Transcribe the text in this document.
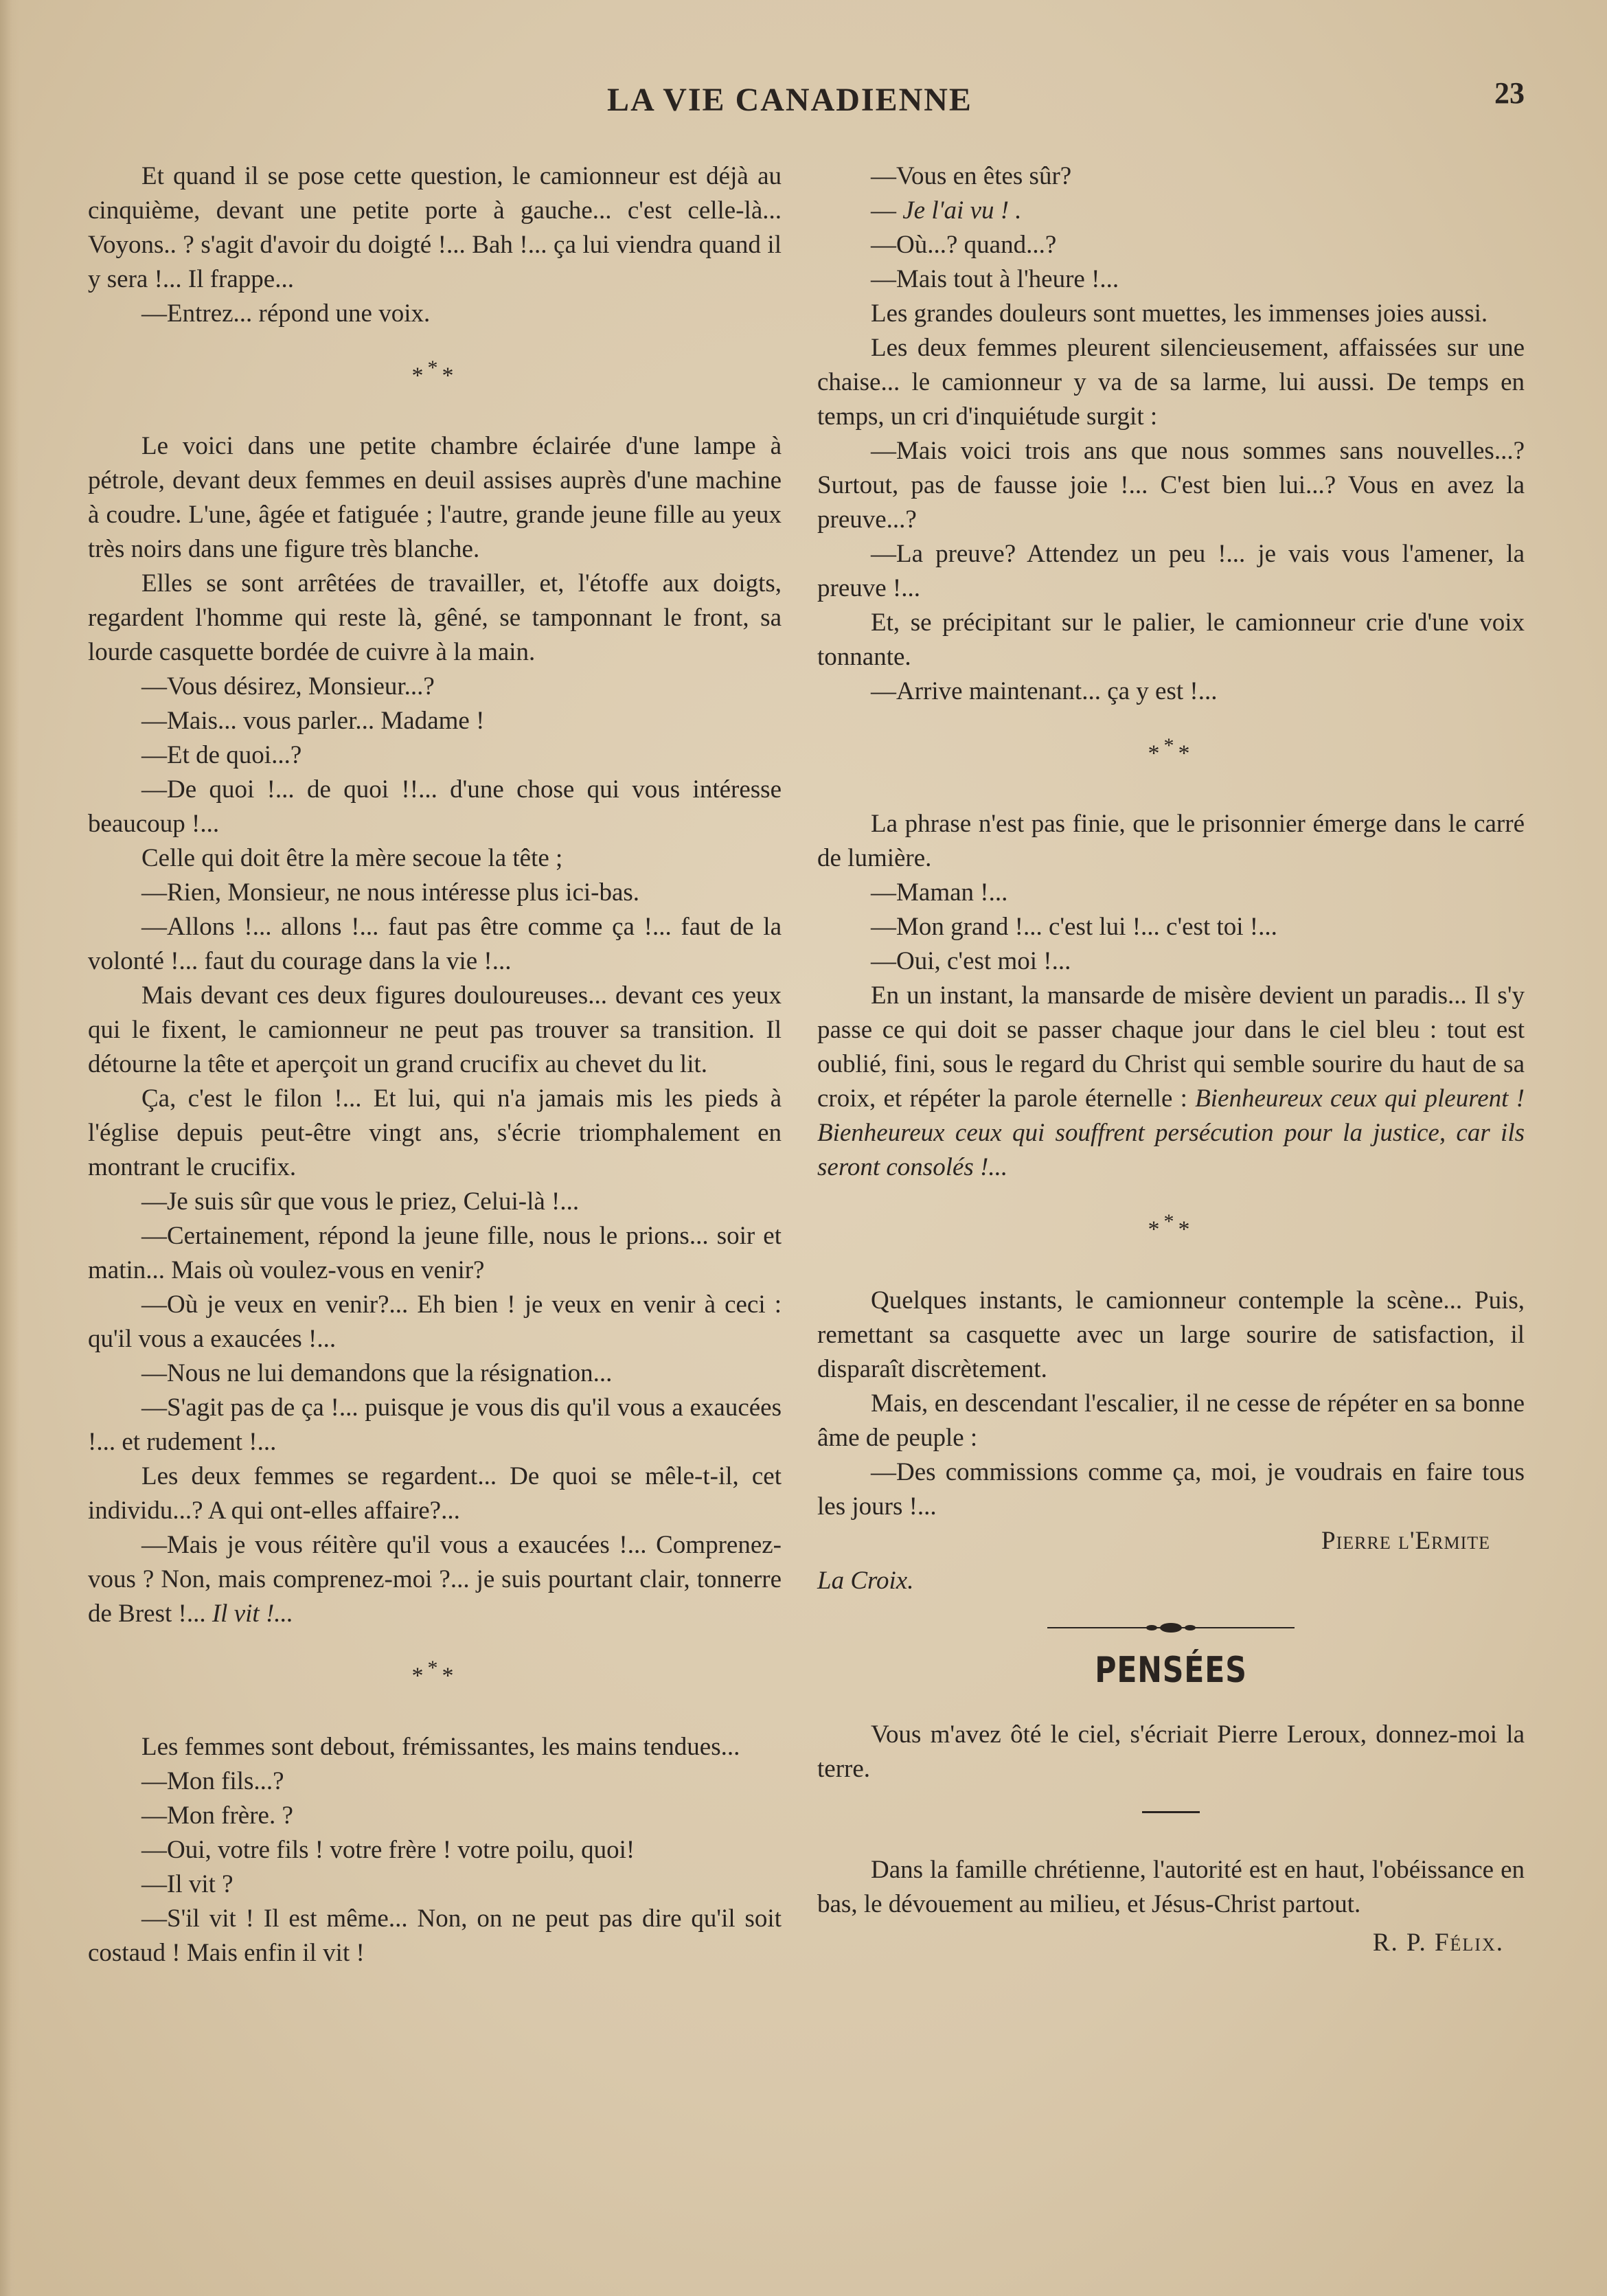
LA VIE CANADIENNE	23

Et quand il se pose cette question, le camionneur est déjà au cinquième, devant une petite porte à gauche... c'est celle-là... Voyons.. ? s'agit d'avoir du doigté !... Bah !... ça lui viendra quand il y sera !... Il frappe...

—Entrez... répond une voix.

***

Le voici dans une petite chambre éclairée d'une lampe à pétrole, devant deux femmes en deuil assises auprès d'une machine à coudre. L'une, âgée et fatiguée ; l'autre, grande jeune fille au yeux très noirs dans une figure très blanche.

Elles se sont arrêtées de travailler, et, l'étoffe aux doigts, regardent l'homme qui reste là, gêné, se tamponnant le front, sa lourde casquette bordée de cuivre à la main.

—Vous désirez, Monsieur...?

—Mais... vous parler... Madame !

—Et de quoi...?

—De quoi !... de quoi !!... d'une chose qui vous intéresse beaucoup !...

Celle qui doit être la mère secoue la tête ;

—Rien, Monsieur, ne nous intéresse plus ici-bas.

—Allons !... allons !... faut pas être comme ça !... faut de la volonté !... faut du courage dans la vie !...

Mais devant ces deux figures douloureuses... devant ces yeux qui le fixent, le camionneur ne peut pas trouver sa transition. Il détourne la tête et aperçoit un grand crucifix au chevet du lit.

Ça, c'est le filon !... Et lui, qui n'a jamais mis les pieds à l'église depuis peut-être vingt ans, s'écrie triomphalement en montrant le crucifix.

—Je suis sûr que vous le priez, Celui-là !...

—Certainement, répond la jeune fille, nous le prions... soir et matin... Mais où voulez-vous en venir?

—Où je veux en venir?... Eh bien ! je veux en venir à ceci : qu'il vous a exaucées !...

—Nous ne lui demandons que la résignation...

—S'agit pas de ça !... puisque je vous dis qu'il vous a exaucées !... et rudement !...

Les deux femmes se regardent... De quoi se mêle-t-il, cet individu...? A qui ont-elles affaire?...

—Mais je vous réitère qu'il vous a exaucées !... Comprenez-vous ? Non, mais comprenez-moi ?... je suis pourtant clair, tonnerre de Brest !... Il vit !...

***

Les femmes sont debout, frémissantes, les mains tendues...

—Mon fils...?

—Mon frère. ?

—Oui, votre fils ! votre frère ! votre poilu, quoi!

—Il vit ?

—S'il vit ! Il est même... Non, on ne peut pas dire qu'il soit costaud ! Mais enfin il vit !

—Vous en êtes sûr?

— Je l'ai vu ! .

—Où...? quand...?

—Mais tout à l'heure !...

Les grandes douleurs sont muettes, les immenses joies aussi.

Les deux femmes pleurent silencieusement, affaissées sur une chaise... le camionneur y va de sa larme, lui aussi. De temps en temps, un cri d'inquiétude surgit :

—Mais voici trois ans que nous sommes sans nouvelles...? Surtout, pas de fausse joie !... C'est bien lui...? Vous en avez la preuve...?

—La preuve? Attendez un peu !... je vais vous l'amener, la preuve !...

Et, se précipitant sur le palier, le camionneur crie d'une voix tonnante.

—Arrive maintenant... ça y est !...

***

La phrase n'est pas finie, que le prisonnier émerge dans le carré de lumière.

—Maman !...

—Mon grand !... c'est lui !... c'est toi !...

—Oui, c'est moi !...

En un instant, la mansarde de misère devient un paradis... Il s'y passe ce qui doit se passer chaque jour dans le ciel bleu : tout est oublié, fini, sous le regard du Christ qui semble sourire du haut de sa croix, et répéter la parole éternelle : Bienheureux ceux qui pleurent ! Bienheureux ceux qui souffrent persécution pour la justice, car ils seront consolés !...

***

Quelques instants, le camionneur contemple la scène... Puis, remettant sa casquette avec un large sourire de satisfaction, il disparaît discrètement.

Mais, en descendant l'escalier, il ne cesse de répéter en sa bonne âme de peuple :

—Des commissions comme ça, moi, je voudrais en faire tous les jours !...

Pierre l'Ermite

La Croix.

PENSÉES

Vous m'avez ôté le ciel, s'écriait Pierre Leroux, donnez-moi la terre.

Dans la famille chrétienne, l'autorité est en haut, l'obéissance en bas, le dévouement au milieu, et Jésus-Christ partout.

R. P. Félix.
